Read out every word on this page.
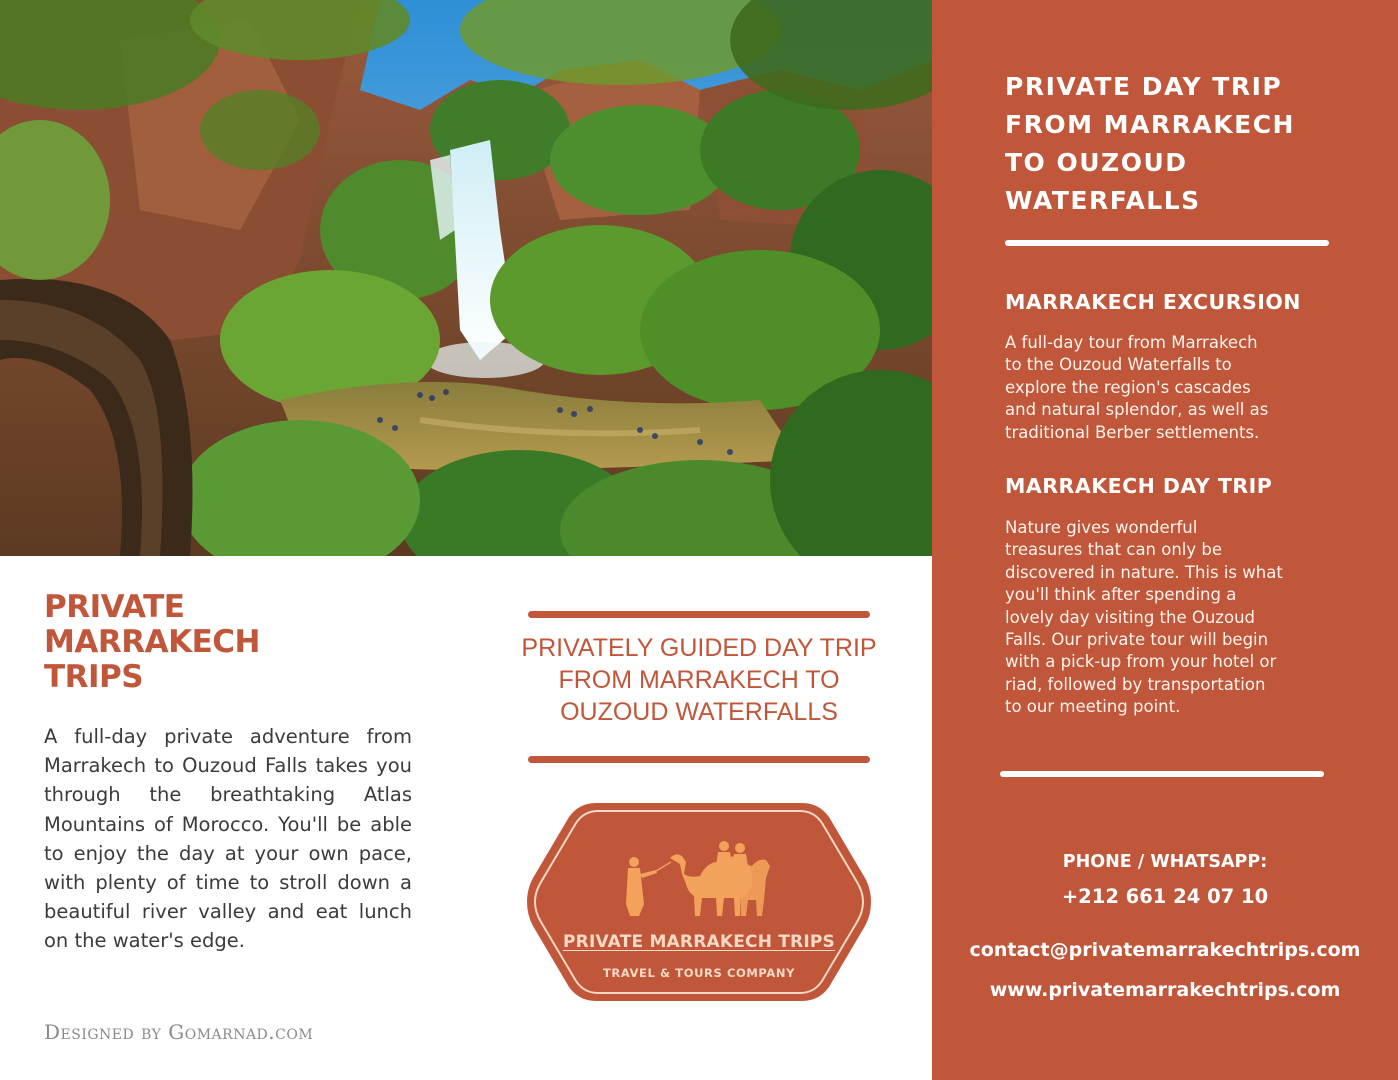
PRIVATE
MARRAKECH
TRIPS

A full-day private adventure from Marrakech to Ouzoud Falls takes you through the breathtaking Atlas Mountains of Morocco. You'll be able to enjoy the day at your own pace, with plenty of time to stroll down a beautiful river valley and eat lunch on the water's edge.

Designed by Gomarnad.com

PRIVATELY GUIDED DAY TRIP FROM MARRAKECH TO OUZOUD WATERFALLS

PRIVATE MARRAKECH TRIPS

TRAVEL & TOURS COMPANY

PRIVATE DAY TRIP
FROM MARRAKECH
TO OUZOUD
WATERFALLS
MARRAKECH EXCURSION

A full-day tour from Marrakech
to the Ouzoud Waterfalls to
explore the region's cascades
and natural splendor, as well as
traditional Berber settlements.

MARRAKECH DAY TRIP

Nature gives wonderful
treasures that can only be
discovered in nature. This is what
you'll think after spending a
lovely day visiting the Ouzoud
Falls. Our private tour will begin
with a pick-up from your hotel or
riad, followed by transportation
to our meeting point.

PHONE / WHATSAPP:

+212 661 24 07 10

contact@privatemarrakechtrips.com
www.privatemarrakechtrips.com
